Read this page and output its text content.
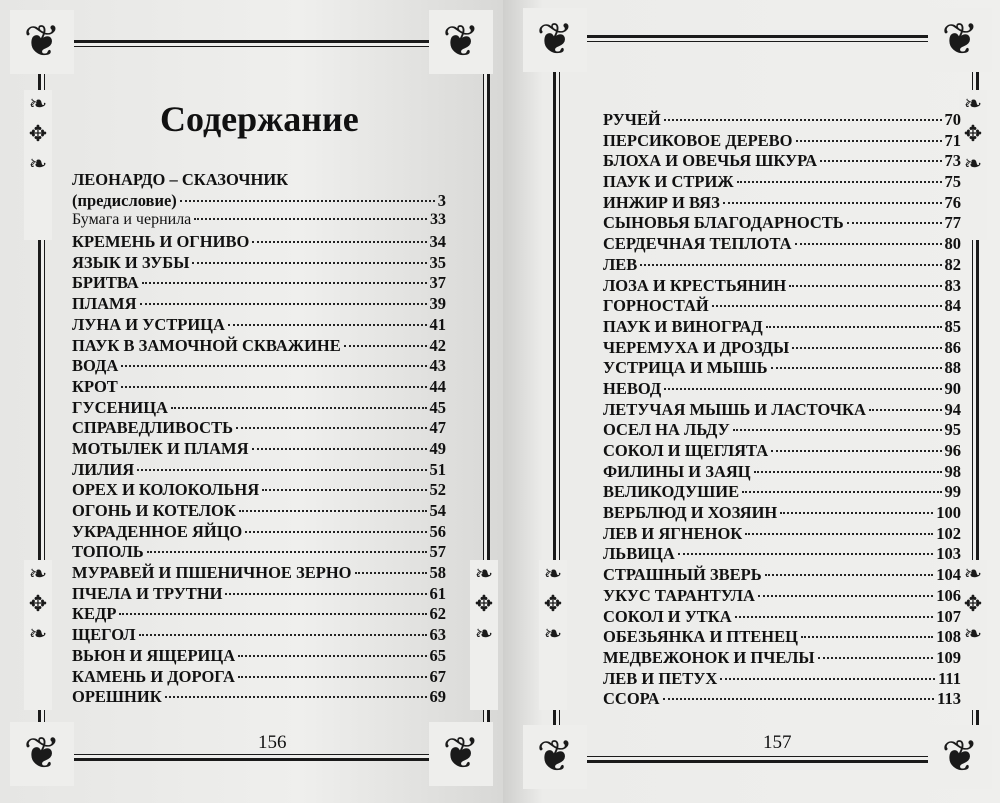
❦	❦
❦	❦
❧ ✥ ❧
❧ ✥ ❧
❧ ✥ ❧
Содержание
ЛЕОНАРДО – СКАЗОЧНИК
(предисловие)	3
Бумага и чернила	33
КРЕМЕНЬ И ОГНИВО	34
ЯЗЫК И ЗУБЫ	35
БРИТВА	37
ПЛАМЯ	39
ЛУНА И УСТРИЦА	41
ПАУК В ЗАМОЧНОЙ СКВАЖИНЕ	42
ВОДА	43
КРОТ	44
ГУСЕНИЦА	45
СПРАВЕДЛИВОСТЬ	47
МОТЫЛЕК И ПЛАМЯ	49
ЛИЛИЯ	51
ОРЕХ И КОЛОКОЛЬНЯ	52
ОГОНЬ И КОТЕЛОК	54
УКРАДЕННОЕ ЯЙЦО	56
ТОПОЛЬ	57
МУРАВЕЙ И ПШЕНИЧНОЕ ЗЕРНО	58
ПЧЕЛА И ТРУТНИ	61
КЕДР	62
ЩЕГОЛ	63
ВЬЮН И ЯЩЕРИЦА	65
КАМЕНЬ И ДОРОГА	67
ОРЕШНИК	69

156

❦	❦
❦	❦
❧ ✥ ❧
❧ ✥ ❧
❧ ✥ ❧
РУЧЕЙ	70
ПЕРСИКОВОЕ ДЕРЕВО	71
БЛОХА И ОВЕЧЬЯ ШКУРА	73
ПАУК И СТРИЖ	75
ИНЖИР И ВЯЗ	76
СЫНОВЬЯ БЛАГОДАРНОСТЬ	77
СЕРДЕЧНАЯ ТЕПЛОТА	80
ЛЕВ	82
ЛОЗА И КРЕСТЬЯНИН	83
ГОРНОСТАЙ	84
ПАУК И ВИНОГРАД	85
ЧЕРЕМУХА И ДРОЗДЫ	86
УСТРИЦА И МЫШЬ	88
НЕВОД	90
ЛЕТУЧАЯ МЫШЬ И ЛАСТОЧКА	94
ОСЕЛ НА ЛЬДУ	95
СОКОЛ И ЩЕГЛЯТА	96
ФИЛИНЫ И ЗАЯЦ	98
ВЕЛИКОДУШИЕ	99
ВЕРБЛЮД И ХОЗЯИН	100
ЛЕВ И ЯГНЕНОК	102
ЛЬВИЦА	103
СТРАШНЫЙ ЗВЕРЬ	104
УКУС ТАРАНТУЛА	106
СОКОЛ И УТКА	107
ОБЕЗЬЯНКА И ПТЕНЕЦ	108
МЕДВЕЖОНОК И ПЧЕЛЫ	109
ЛЕВ И ПЕТУХ	111
ССОРА	113

157
